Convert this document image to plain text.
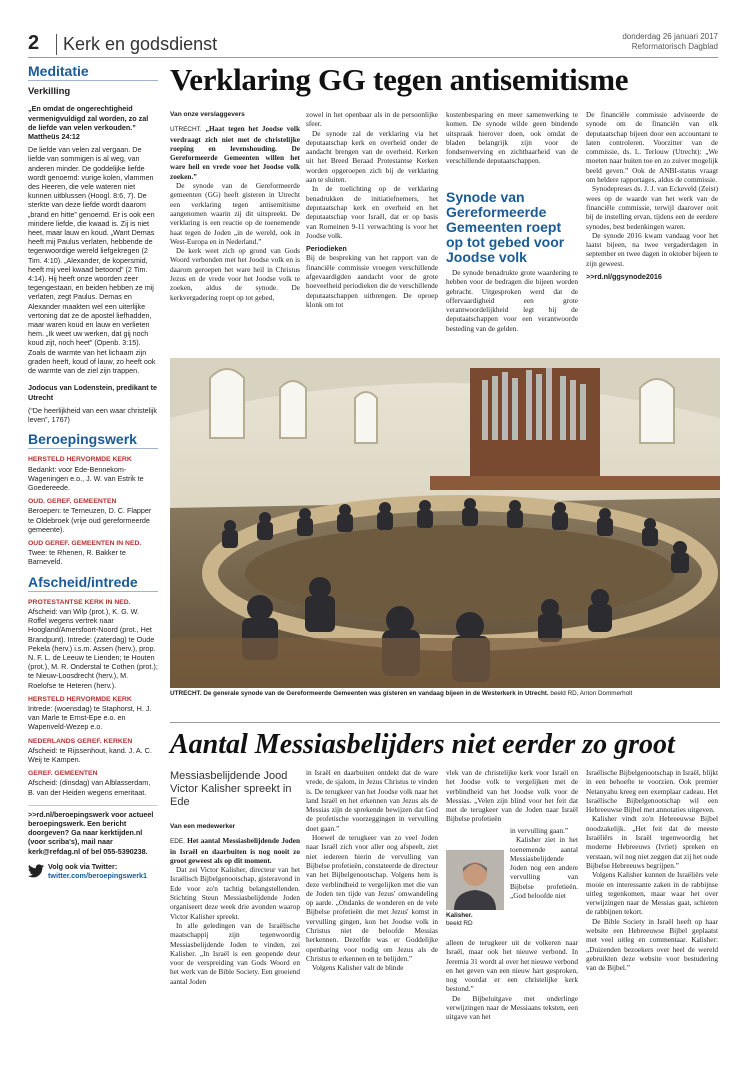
2	Kerk en godsdienst	donderdag 26 januari 2017
Reformatorisch Dagblad
Meditatie
Verkilling
„En omdat de ongerechtigheid vermenigvuldigd zal worden, zo zal de liefde van velen verkouden.” Mattheüs 24:12
De liefde van velen zal vergaan. De liefde van sommigen is al weg, van anderen minder. De goddelijke liefde wordt genoemd: vurige kolen, vlammen des Heeren, die vele wateren niet kunnen uitblussen (Hoogl. 8:6, 7). De sterkte van deze liefde wordt daarom „brand en hitte” genoemd. Er is ook een mindere liefde, die kwaad is. Zij is niet heet, maar lauw en koud. „Want Demas heeft mij Paulus verlaten, hebbende de tegenwoordige wereld liefgekregen (2 Tim. 4:10). „Alexander, de kopersmid, heeft mij veel kwaad betoond” (2 Tim. 4:14). Hij heeft onze woorden zeer tegengestaan, en beiden hebben ze mij verlaten, zegt Paulus. Demas en Alexander maakten wel een uiterlijke vertoning dat ze de apostel liefhadden, maar waren koud en lauw en verlieten hem. „Ik weet uw werken, dat gij noch koud zijt, noch heet” (Openb. 3:15). Zoals de warmte van het lichaam zijn graden heeft, koud of lauw, zo heeft ook de warmte van de ziel zijn trappen.
Jodocus van Lodenstein, predikant te Utrecht
(“De heerlijkheid van een waar christelijk leven”, 1767)
Beroepingswerk
HERSTELD HERVORMDE KERK
Bedankt: voor Ede-Bennekom-Wageningen e.o., J. W. van Estrik te Goedereede.
OUD. GEREF. GEMEENTEN
Beroepen: te Terneuzen, D. C. Flapper te Oldebroek (vrije oud gereformeerde gemeente).
OUD GEREF. GEMEENTEN IN NED.
Twee: te Rhenen, R. Bakker te Barneveld.
Afscheid/intrede
PROTESTANTSE KERK IN NED.
Afscheid: van Wilp (prot.), K. G. W. Roffel wegens vertrek naar Hoogland/Amersfoort-Noord (prot., Het Brandpunt). Intrede: (zaterdag) te Oude Pekela (herv.) i.s.m. Assen (herv.), prop. N. F. L. de Leeuw te Lienden; te Houten (prot.), M. R. Onderstal te Cothen (prot.); te Nieuw-Loosdrecht (herv.), M. Roelofse te Heteren (herv.).
HERSTELD HERVORMDE KERK
Intrede: (woensdag) te Staphorst, H. J. van Marle te Ernst-Epe e.o. en Wapenveld-Wezep e.o.
NEDERLANDS GEREF. KERKEN
Afscheid: te Rijssenhout, kand. J. A. C. Weij te Kampen.
GEREF. GEMEENTEN
Afscheid: (dinsdag) van Alblasserdam, B. van der Heiden wegens emeritaat.
>>rd.nl/beroepingswerk voor actueel beroepingswerk. Een bericht doorgeven? Ga naar kerktijden.nl (voor scriba's), mail naar kerk@refdag.nl of bel 055-5390238.
Volg ook via Twitter:
twitter.com/beroepingswerk1
Verklaring GG tegen antisemitisme
Van onze verslaggevers

UTRECHT. „Haat tegen het Joodse volk verdraagt zich niet met de christelijke roeping en levenshouding. De Gereformeerde Gemeenten willen het ware heil en vrede voor het Joodse volk zoeken.”

De synode van de Gereformeerde gemeenten (GG) heeft gisteren in Utrecht een verklaring tegen antisemitisme aangenomen waarin zij dit uitspreekt. De verklaring is een reactie op de toenemende haat tegen de Joden „in de wereld, ook in West-Europa en in Nederland.”

De kerk weet zich op grond van Gods Woord verbonden met het Joodse volk en is daarom geroepen het ware heil in Christus Jezus en de vrede voor het Joodse volk te zoeken, aldus de synode. De kerkvergadering roept op tot gebed,

zowel in het openbaar als in de persoonlijke sfeer.

De synode zal de verklaring via het deputaatschap kerk en overheid onder de aandacht brengen van de overheid. Kerken uit het Breed Beraad Protestantse Kerken worden opgeroepen zich bij de verklaring aan te sluiten.

In de toelichting op de verklaring benadrukken de initiatiefnemers, het deputaatschap kerk en overheid en het deputaatschap voor Israël, dat er op basis van Romeinen 9-11 verwachting is voor het Joodse volk.

Periodieken

Bij de bespreking van het rapport van de financiële commissie vroegen verschillende afgevaardigden aandacht voor de grote hoeveelheid periodieken die de verschillende deputaatschappen uitbrengen. De oproep klonk om tot

kostenbesparing en meer samenwerking te komen. De synode wilde geen bindende uitspraak hierover doen, ook omdat de bladen belangrijk zijn voor de fondsenwerving en zichtbaarheid van de verschillende deputaatschappen.

Synode van Gereformeerde Gemeenten roept op tot gebed voor Joodse volk

De synode benadrukte grote waardering te hebben voor de bedragen die bijeen worden gebracht. Uitgesproken werd dat de offervaardigheid een grote verantwoordelijkheid legt bij de deputaatschappen voor een verantwoorde besteding van de gelden.

De financiële commissie adviseerde de synode om de financiën van elk deputaatschap bijeen door een accountant te laten controleren. Voorzitter van de commissie, ds. L. Terlouw (Utrecht): „We moeten naar buiten toe en zo zuiver mogelijk beeld geven.” Ook de ANBI-status vraagt om heldere rapportages, aldus de commissie.

Synodepreses ds. J. J. van Eckeveld (Zeist) wees op de waarde van het werk van de financiële commissie, terwijl daarover ooit bij de instelling ervan, tijdens een de eerdere synodes, best bedenkingen waren.

De synode 2016 kwam vandaag voor het laatst bijeen, na twee vergaderdagen in september en twee dagen in oktober bijeen te zijn geweest.

>>rd.nl/ggsynode2016
UTRECHT. De generale synode van de Gereformeerde Gemeenten was gisteren en vandaag bijeen in de Westerkerk in Utrecht. beeld RD, Anton Dommerholt
Aantal Messiasbelijders niet eerder zo groot
Messiasbelijdende Jood Victor Kalisher spreekt in Ede
Van een medewerker

EDE. Het aantal Messiasbelijdende Joden in Israël en daarbuiten is nog nooit zo groot geweest als op dit moment.

Dat zei Victor Kalisher, directeur van het Israëlisch Bijbelgenootschap, gisteravond in Ede voor zo'n tachtig belangstellenden. Stichting Steun Messiasbelijdende Joden organiseert deze week drie avonden waarop Victor Kalisher spreekt.

In alle geledingen van de Israëlische maatschappij zijn tegenwoordig Messiasbelijdende Joden te vinden, zei Kalisher. „In Israël is een geopende deur voor de verspreiding van Gods Woord en het werk van de Bible Society. Een groeiend aantal Joden

in Israël en daarbuiten ontdekt dat de ware vrede, de sjalom, in Jezus Christus te vinden is. De terugkeer van het Joodse volk naar het land Israël en het erkennen van Jezus als de Messias zijn de sprekende bewijzen dat God de profetische voorzeggingen in vervulling doet gaan.”

Hoewel de terugkeer van zo veel Joden naar Israël zich voor aller oog afspeelt, ziet niet iedereen hierin de vervulling van Bijbelse profetieën, constateerde de directeur van het Bijbelgenootschap. Volgens hem is deze verblindheid te vergelijken met die van de Joden ten tijde van Jezus' omwandeling op aarde. „Ondanks de wonderen en de vele Bijbelse profetieën die met Jezus' komst in vervulling gingen, kon het Joodse volk in Christus niet de beloofde Messias herkennen. Dezelfde was er Goddelijke openbaring voor nodig om Jezus als de Christus te erkennen en te belijden.”

Volgens Kalisher valt de blinde

vlek van de christelijke kerk voor Israël en het Joodse volk te vergelijken met de verblindheid van het Joodse volk voor de Messias. „Velen zijn blind voor het feit dat met de terugkeer van de Joden naar Israël Bijbelse profetieën

Kalisher.
beeld RD

in vervulling gaan.”

Kalisher ziet in het toenemende aantal Messiasbelijdende Joden nog een andere vervulling van Bijbelse profetieën. „God beloofde niet

alleen de terugkeer uit de volkeren naar Israël, maar ook het nieuwe verbond. In Jeremia 31 wordt al over het nieuwe verbond en het geven van een nieuw hart gesproken, nog voordat er een christelijke kerk bestond.”

De Bijbeluitgave met onderlinge verwijzingen naar de Messiaans teksten, een uitgave van het

Israëlische Bijbelgenootschap in Israël, blijkt in een behoefte te voorzien. Ook premier Netanyahu kreeg een exemplaar cadeau. Het Israëlische Bijbelgenootschap wil een Hebreeuwse Bijbel met annotaties uitgeven.

Kalisher vindt zo'n Hebreeuwse Bijbel noodzakelijk. „Het feit dat de meeste Israëliërs in Israël tegenwoordig het moderne Hebreeuws (Ivriet) spreken en verstaan, wil nog niet zeggen dat zij het oude Bijbelse Hebreeuws begrijpen.”

Volgens Kalisher kunnen de Israëliërs vele mooie en interessante zaken in de rabbijnse uitleg tegenkomen, maar waar het over verwijzingen naar de Messias gaat, schieten de rabbijnen tekort.

De Bible Society in Israël heeft op haar website een Hebreeuwse Bijbel geplaatst met veel uitleg en commentaar. Kalisher: „Duizenden bezoekers over heel de wereld gebruikten deze website voor bestudering van de Bijbel.”
